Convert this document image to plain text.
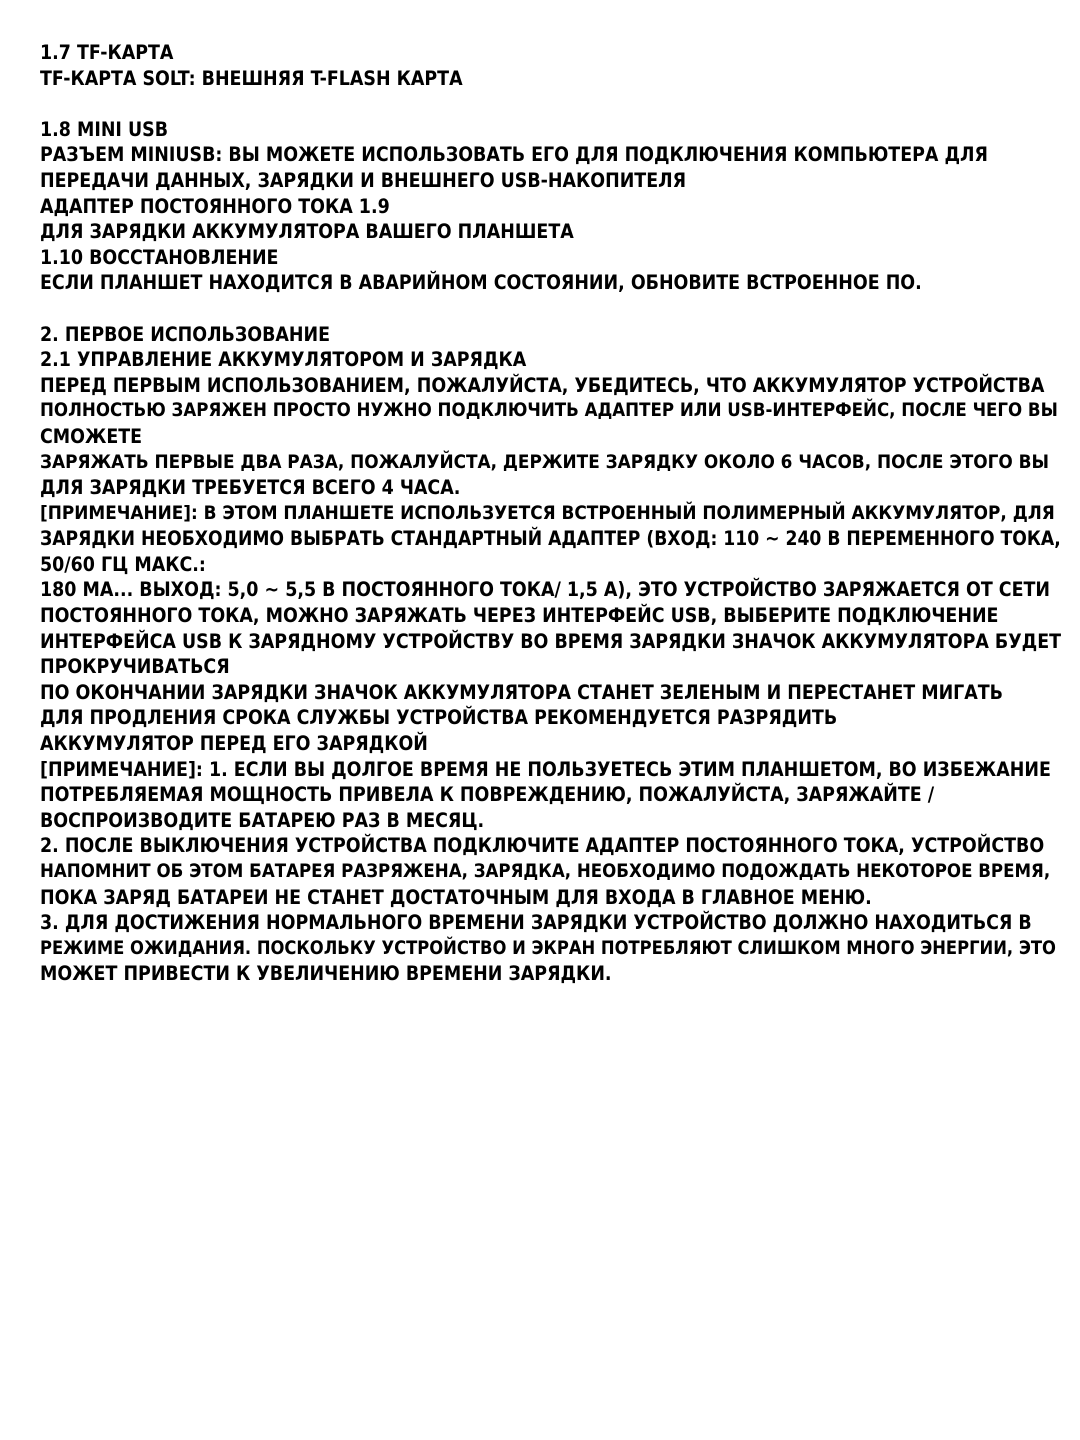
1.7 TF-КАРТА
TF-КАРТА SOLT: ВНЕШНЯЯ T-FLASH КАРТА
1.8 MINI USB
РАЗЪЕМ MINIUSB: ВЫ МОЖЕТЕ ИСПОЛЬЗОВАТЬ ЕГО ДЛЯ ПОДКЛЮЧЕНИЯ КОМПЬЮТЕРА ДЛЯ
ПЕРЕДАЧИ ДАННЫХ, ЗАРЯДКИ И ВНЕШНЕГО USB-НАКОПИТЕЛЯ
АДАПТЕР ПОСТОЯННОГО ТОКА 1.9
ДЛЯ ЗАРЯДКИ АККУМУЛЯТОРА ВАШЕГО ПЛАНШЕТА
1.10 ВОССТАНОВЛЕНИЕ
ЕСЛИ ПЛАНШЕТ НАХОДИТСЯ В АВАРИЙНОМ СОСТОЯНИИ, ОБНОВИТЕ ВСТРОЕННОЕ ПО.
2. ПЕРВОЕ ИСПОЛЬЗОВАНИЕ
2.1 УПРАВЛЕНИЕ АККУМУЛЯТОРОМ И ЗАРЯДКА
ПЕРЕД ПЕРВЫМ ИСПОЛЬЗОВАНИЕМ, ПОЖАЛУЙСТА, УБЕДИТЕСЬ, ЧТО АККУМУЛЯТОР УСТРОЙСТВА
ПОЛНОСТЬЮ ЗАРЯЖЕН ПРОСТО НУЖНО ПОДКЛЮЧИТЬ АДАПТЕР ИЛИ USB-ИНТЕРФЕЙС, ПОСЛЕ ЧЕГО ВЫ
СМОЖЕТЕ
ЗАРЯЖАТЬ ПЕРВЫЕ ДВА РАЗА, ПОЖАЛУЙСТА, ДЕРЖИТЕ ЗАРЯДКУ ОКОЛО 6 ЧАСОВ, ПОСЛЕ ЭТОГО ВЫ
ДЛЯ ЗАРЯДКИ ТРЕБУЕТСЯ ВСЕГО 4 ЧАСА.
[ПРИМЕЧАНИЕ]: В ЭТОМ ПЛАНШЕТЕ ИСПОЛЬЗУЕТСЯ ВСТРОЕННЫЙ ПОЛИМЕРНЫЙ АККУМУЛЯТОР, ДЛЯ
ЗАРЯДКИ НЕОБХОДИМО ВЫБРАТЬ СТАНДАРТНЫЙ АДАПТЕР (ВХОД: 110 ~ 240 В ПЕРЕМЕННОГО ТОКА,
50/60 ГЦ МАКС.:
180 МА... ВЫХОД: 5,0 ~ 5,5 В ПОСТОЯННОГО ТОКА/ 1,5 А), ЭТО УСТРОЙСТВО ЗАРЯЖАЕТСЯ ОТ СЕТИ
ПОСТОЯННОГО ТОКА, МОЖНО ЗАРЯЖАТЬ ЧЕРЕЗ ИНТЕРФЕЙС USB, ВЫБЕРИТЕ ПОДКЛЮЧЕНИЕ
ИНТЕРФЕЙСА USB К ЗАРЯДНОМУ УСТРОЙСТВУ ВО ВРЕМЯ ЗАРЯДКИ ЗНАЧОК АККУМУЛЯТОРА БУДЕТ
ПРОКРУЧИВАТЬСЯ
ПО ОКОНЧАНИИ ЗАРЯДКИ ЗНАЧОК АККУМУЛЯТОРА СТАНЕТ ЗЕЛЕНЫМ И ПЕРЕСТАНЕТ МИГАТЬ
ДЛЯ ПРОДЛЕНИЯ СРОКА СЛУЖБЫ УСТРОЙСТВА РЕКОМЕНДУЕТСЯ РАЗРЯДИТЬ
АККУМУЛЯТОР ПЕРЕД ЕГО ЗАРЯДКОЙ
[ПРИМЕЧАНИЕ]: 1. ЕСЛИ ВЫ ДОЛГОЕ ВРЕМЯ НЕ ПОЛЬЗУЕТЕСЬ ЭТИМ ПЛАНШЕТОМ, ВО ИЗБЕЖАНИЕ
ПОТРЕБЛЯЕМАЯ МОЩНОСТЬ ПРИВЕЛА К ПОВРЕЖДЕНИЮ, ПОЖАЛУЙСТА, ЗАРЯЖАЙТЕ /
ВОСПРОИЗВОДИТЕ БАТАРЕЮ РАЗ В МЕСЯЦ.
2. ПОСЛЕ ВЫКЛЮЧЕНИЯ УСТРОЙСТВА ПОДКЛЮЧИТЕ АДАПТЕР ПОСТОЯННОГО ТОКА, УСТРОЙСТВО
НАПОМНИТ ОБ ЭТОМ БАТАРЕЯ РАЗРЯЖЕНА, ЗАРЯДКА, НЕОБХОДИМО ПОДОЖДАТЬ НЕКОТОРОЕ ВРЕМЯ,
ПОКА ЗАРЯД БАТАРЕИ НЕ СТАНЕТ ДОСТАТОЧНЫМ ДЛЯ ВХОДА В ГЛАВНОЕ МЕНЮ.
3. ДЛЯ ДОСТИЖЕНИЯ НОРМАЛЬНОГО ВРЕМЕНИ ЗАРЯДКИ УСТРОЙСТВО ДОЛЖНО НАХОДИТЬСЯ В
РЕЖИМЕ ОЖИДАНИЯ. ПОСКОЛЬКУ УСТРОЙСТВО И ЭКРАН ПОТРЕБЛЯЮТ СЛИШКОМ МНОГО ЭНЕРГИИ, ЭТО
МОЖЕТ ПРИВЕСТИ К УВЕЛИЧЕНИЮ ВРЕМЕНИ ЗАРЯДКИ.
